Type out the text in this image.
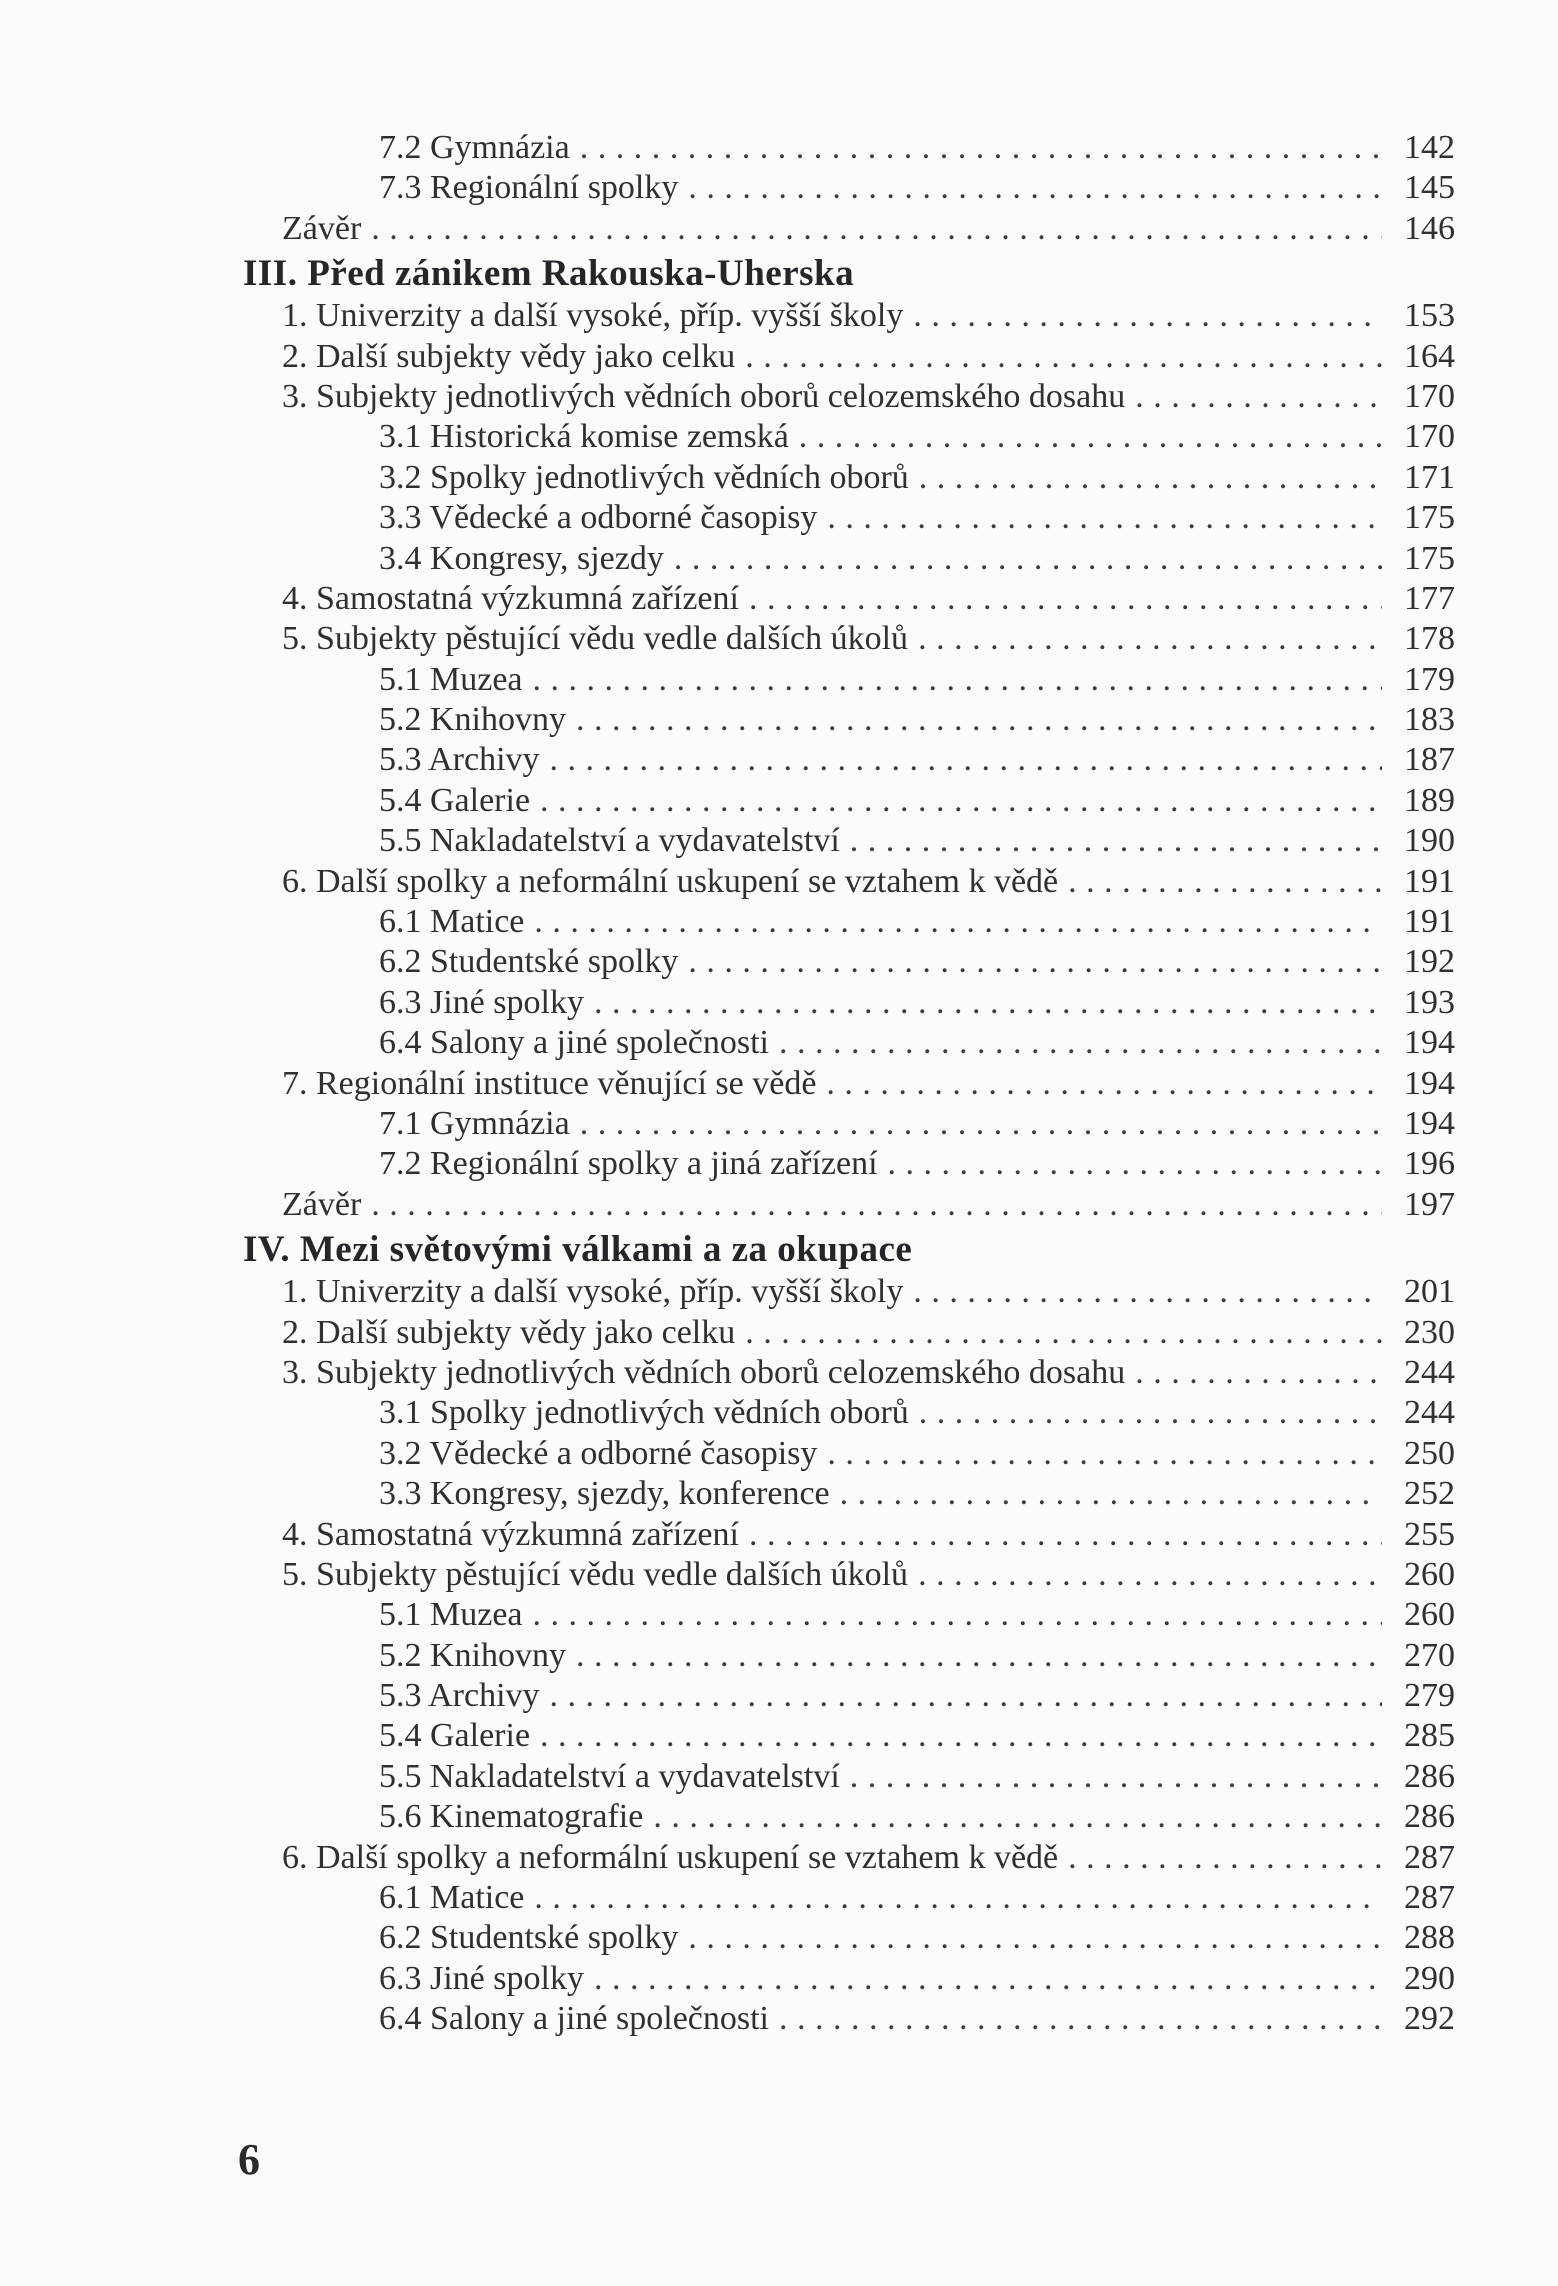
7.2 Gymnázia . . .	142
7.3 Regionální spolky . . .	145
Závěr . . .	146
III. Před zánikem Rakouska-Uherska
1. Univerzity a další vysoké, příp. vyšší školy . . .	153
2. Další subjekty vědy jako celku . . .	164
3. Subjekty jednotlivých vědních oborů celozemského dosahu . . .	170
3.1 Historická komise zemská . . .	170
3.2 Spolky jednotlivých vědních oborů . . .	171
3.3 Vědecké a odborné časopisy . . .	175
3.4 Kongresy, sjezdy . . .	175
4. Samostatná výzkumná zařízení . . .	177
5. Subjekty pěstující vědu vedle dalších úkolů . . .	178
5.1 Muzea . . .	179
5.2 Knihovny . . .	183
5.3 Archivy . . .	187
5.4 Galerie . . .	189
5.5 Nakladatelství a vydavatelství . . .	190
6. Další spolky a neformální uskupení se vztahem k vědě . . .	191
6.1 Matice . . .	191
6.2 Studentské spolky . . .	192
6.3 Jiné spolky . . .	193
6.4 Salony a jiné společnosti . . .	194
7. Regionální instituce věnující se vědě . . .	194
7.1 Gymnázia . . .	194
7.2 Regionální spolky a jiná zařízení . . .	196
Závěr . . .	197
IV. Mezi světovými válkami a za okupace
1. Univerzity a další vysoké, příp. vyšší školy . . .	201
2. Další subjekty vědy jako celku . . .	230
3. Subjekty jednotlivých vědních oborů celozemského dosahu . . .	244
3.1 Spolky jednotlivých vědních oborů . . .	244
3.2 Vědecké a odborné časopisy . . .	250
3.3 Kongresy, sjezdy, konference . . .	252
4. Samostatná výzkumná zařízení . . .	255
5. Subjekty pěstující vědu vedle dalších úkolů . . .	260
5.1 Muzea . . .	260
5.2 Knihovny . . .	270
5.3 Archivy . . .	279
5.4 Galerie . . .	285
5.5 Nakladatelství a vydavatelství . . .	286
5.6 Kinematografie . . .	286
6. Další spolky a neformální uskupení se vztahem k vědě . . .	287
6.1 Matice . . .	287
6.2 Studentské spolky . . .	288
6.3 Jiné spolky . . .	290
6.4 Salony a jiné společnosti . . .	292
6
